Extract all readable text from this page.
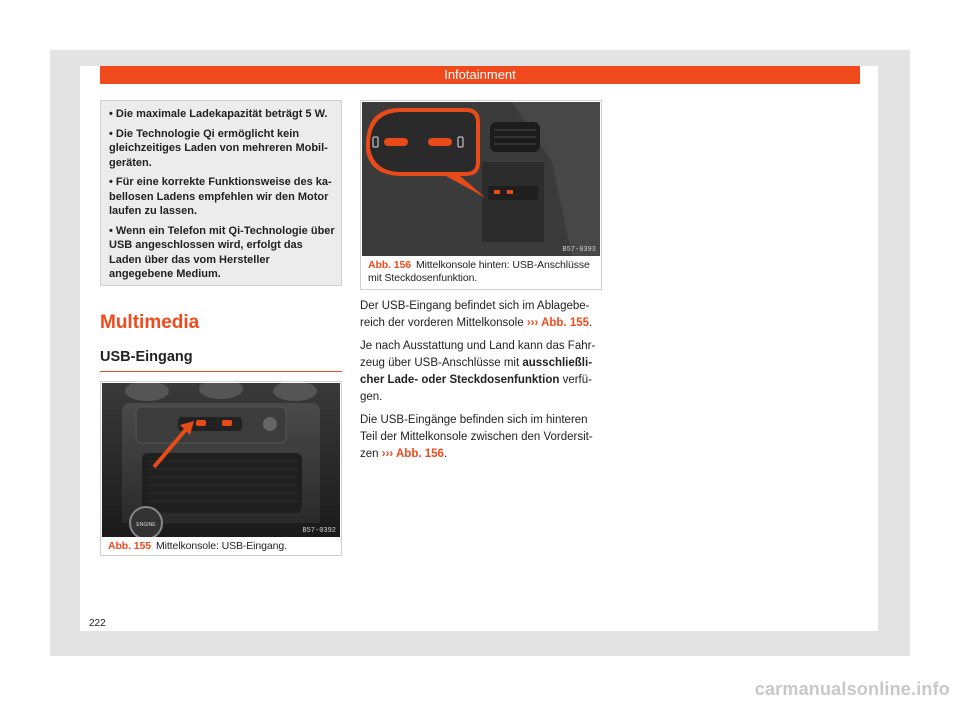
Infotainment

• Die maximale Ladekapazität beträgt 5 W.

• Die Technologie Qi ermöglicht kein gleichzeitiges Laden von mehreren Mobilgeräten.

• Für eine korrekte Funktionsweise des kabellosen Ladens empfehlen wir den Motor laufen zu lassen.

• Wenn ein Telefon mit Qi-Technologie über USB angeschlossen wird, erfolgt das Laden über das vom Hersteller angegebene Medium.

Multimedia
USB-Eingang
ENGINE
B57-0392
Abb. 155 Mittelkonsole: USB-Eingang.
B57-0393
Abb. 156 Mittelkonsole hinten: USB-Anschlüsse mit Steckdosenfunktion.

Der USB-Eingang befindet sich im Ablagebereich der vorderen Mittelkonsole ››› Abb. 155.

Je nach Ausstattung und Land kann das Fahrzeug über USB-Anschlüsse mit ausschließlicher Lade- oder Steckdosenfunktion verfügen.

Die USB-Eingänge befinden sich im hinteren Teil der Mittelkonsole zwischen den Vordersitzen ››› Abb. 156.

222
carmanualsonline.info
